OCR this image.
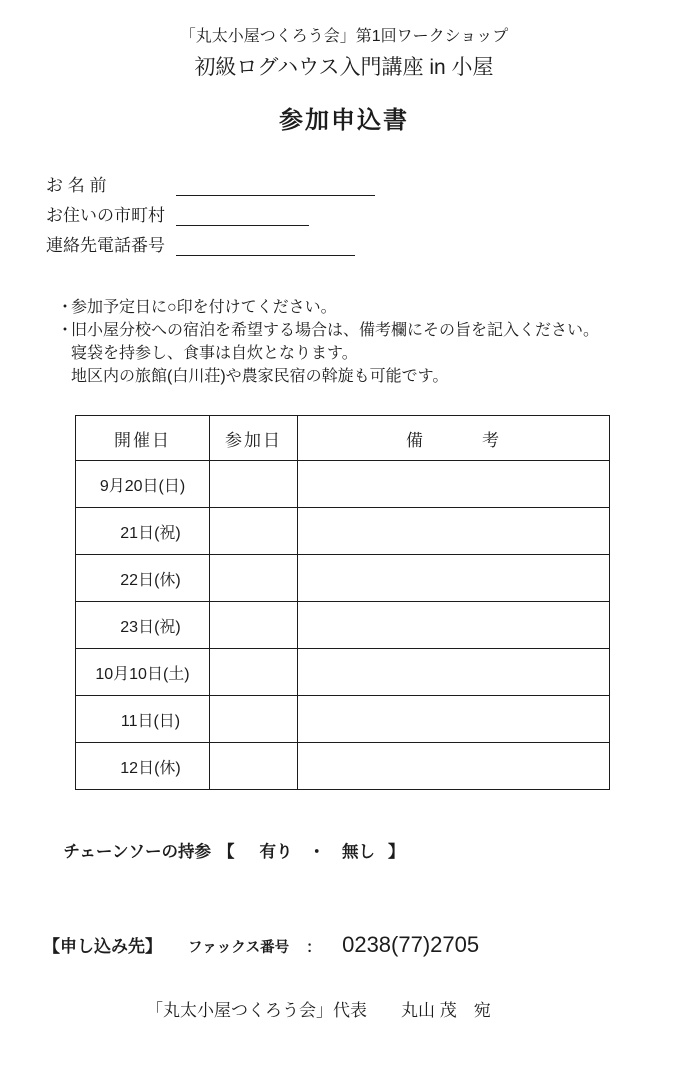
「丸太小屋つくろう会」第1回ワークショップ
初級ログハウス入門講座 in 小屋
参加申込書
お 名 前
お住いの市町村
連絡先電話番号
・
参加予定日に○印を付けてください。
・
旧小屋分校への宿泊を希望する場合は、備考欄にその旨を記入ください。
寝袋を持参し、食事は自炊となります。
地区内の旅館(白川荘)や農家民宿の斡旋も可能です。
開催日	参加日	備　　　考
9月20日(日)		
　21日(祝)		
　22日(休)		
　23日(祝)		
10月10日(土)		
　11日(日)		
　12日(休)		

チェーンソーの持参 【 有り ・ 無し 】

【申し込み先】 ファックス番号 ： 0238(77)2705
「丸太小屋つくろう会」代表　　丸山 茂　宛
